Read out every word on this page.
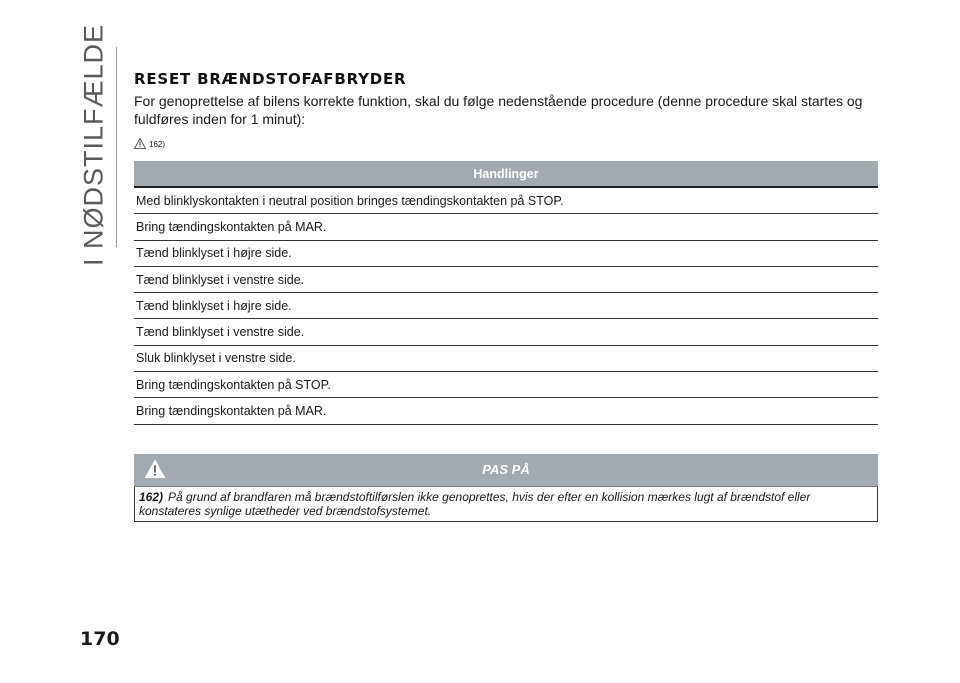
I NØDSTILFÆLDE RESET BRÆNDSTOFAFBRYDER

For genoprettelse af bilens korrekte funktion, skal du følge nedenstående procedure (denne procedure skal startes og fuldføres inden for 1 minut):

162)
Handlinger
Med blinklyskontakten i neutral position bringes tændingskontakten på STOP.
Bring tændingskontakten på MAR.
Tænd blinklyset i højre side.
Tænd blinklyset i venstre side.
Tænd blinklyset i højre side.
Tænd blinklyset i venstre side.
Sluk blinklyset i venstre side.
Bring tændingskontakten på STOP.
Bring tændingskontakten på MAR.
PAS PÅ
162) På grund af brandfaren må brændstoftilførslen ikke genoprettes, hvis der efter en kollision mærkes lugt af brændstof eller konstateres synlige utætheder ved brændstofsystemet.
170
